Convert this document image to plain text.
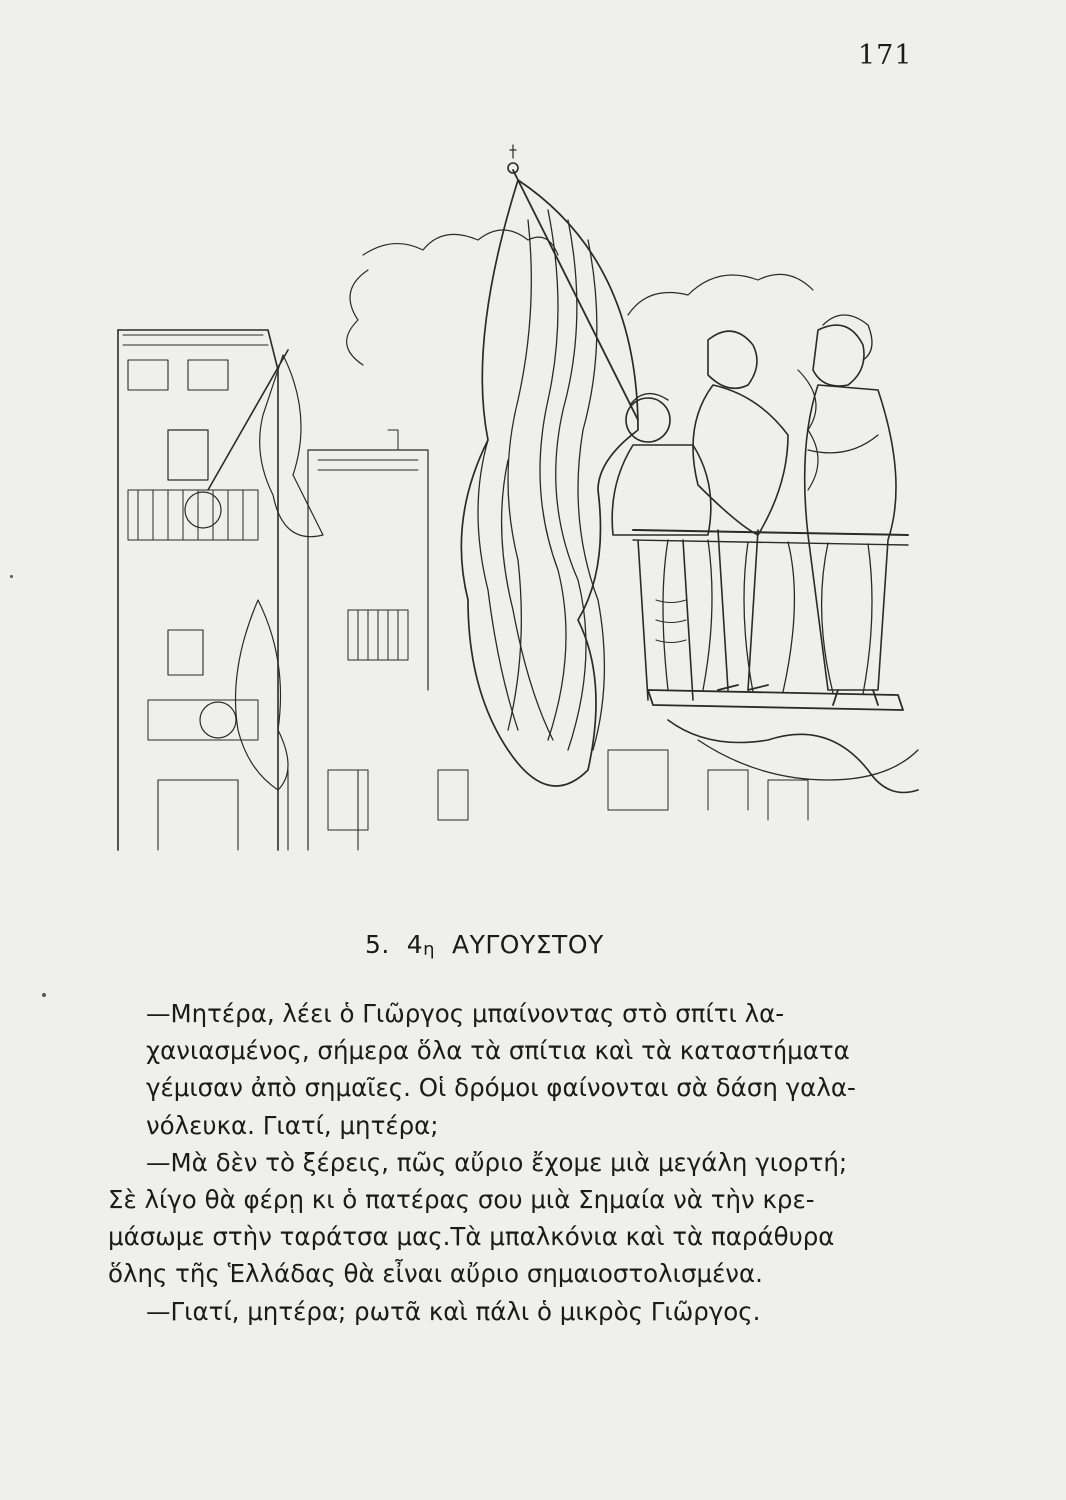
171
5. 4η ΑΥΓΟΥΣΤΟΥ

—Μητέρα, λέει ὁ Γιῶργος μπαίνοντας στὸ σπίτι λα-
χανιασμένος, σήμερα ὅλα τὰ σπίτια καὶ τὰ καταστήματα
γέμισαν ἀπὸ σημαῖες. Οἱ δρόμοι φαίνονται σὰ δάση γαλα-
νόλευκα. Γιατί, μητέρα;

—Μὰ δὲν τὸ ξέρεις, πῶς αὔριο ἔχομε μιὰ μεγάλη γιορτή;
Σὲ λίγο θὰ φέρῃ κι ὁ πατέρας σου μιὰ Σημαία νὰ τὴν κρε-
μάσωμε στὴν ταράτσα μας.Τὰ μπαλκόνια καὶ τὰ παράθυρα
ὅλης τῆς Ἑλλάδας θὰ εἶναι αὔριο σημαιοστολισμένα.

—Γιατί, μητέρα; ρωτᾶ καὶ πάλι ὁ μικρὸς Γιῶργος.
